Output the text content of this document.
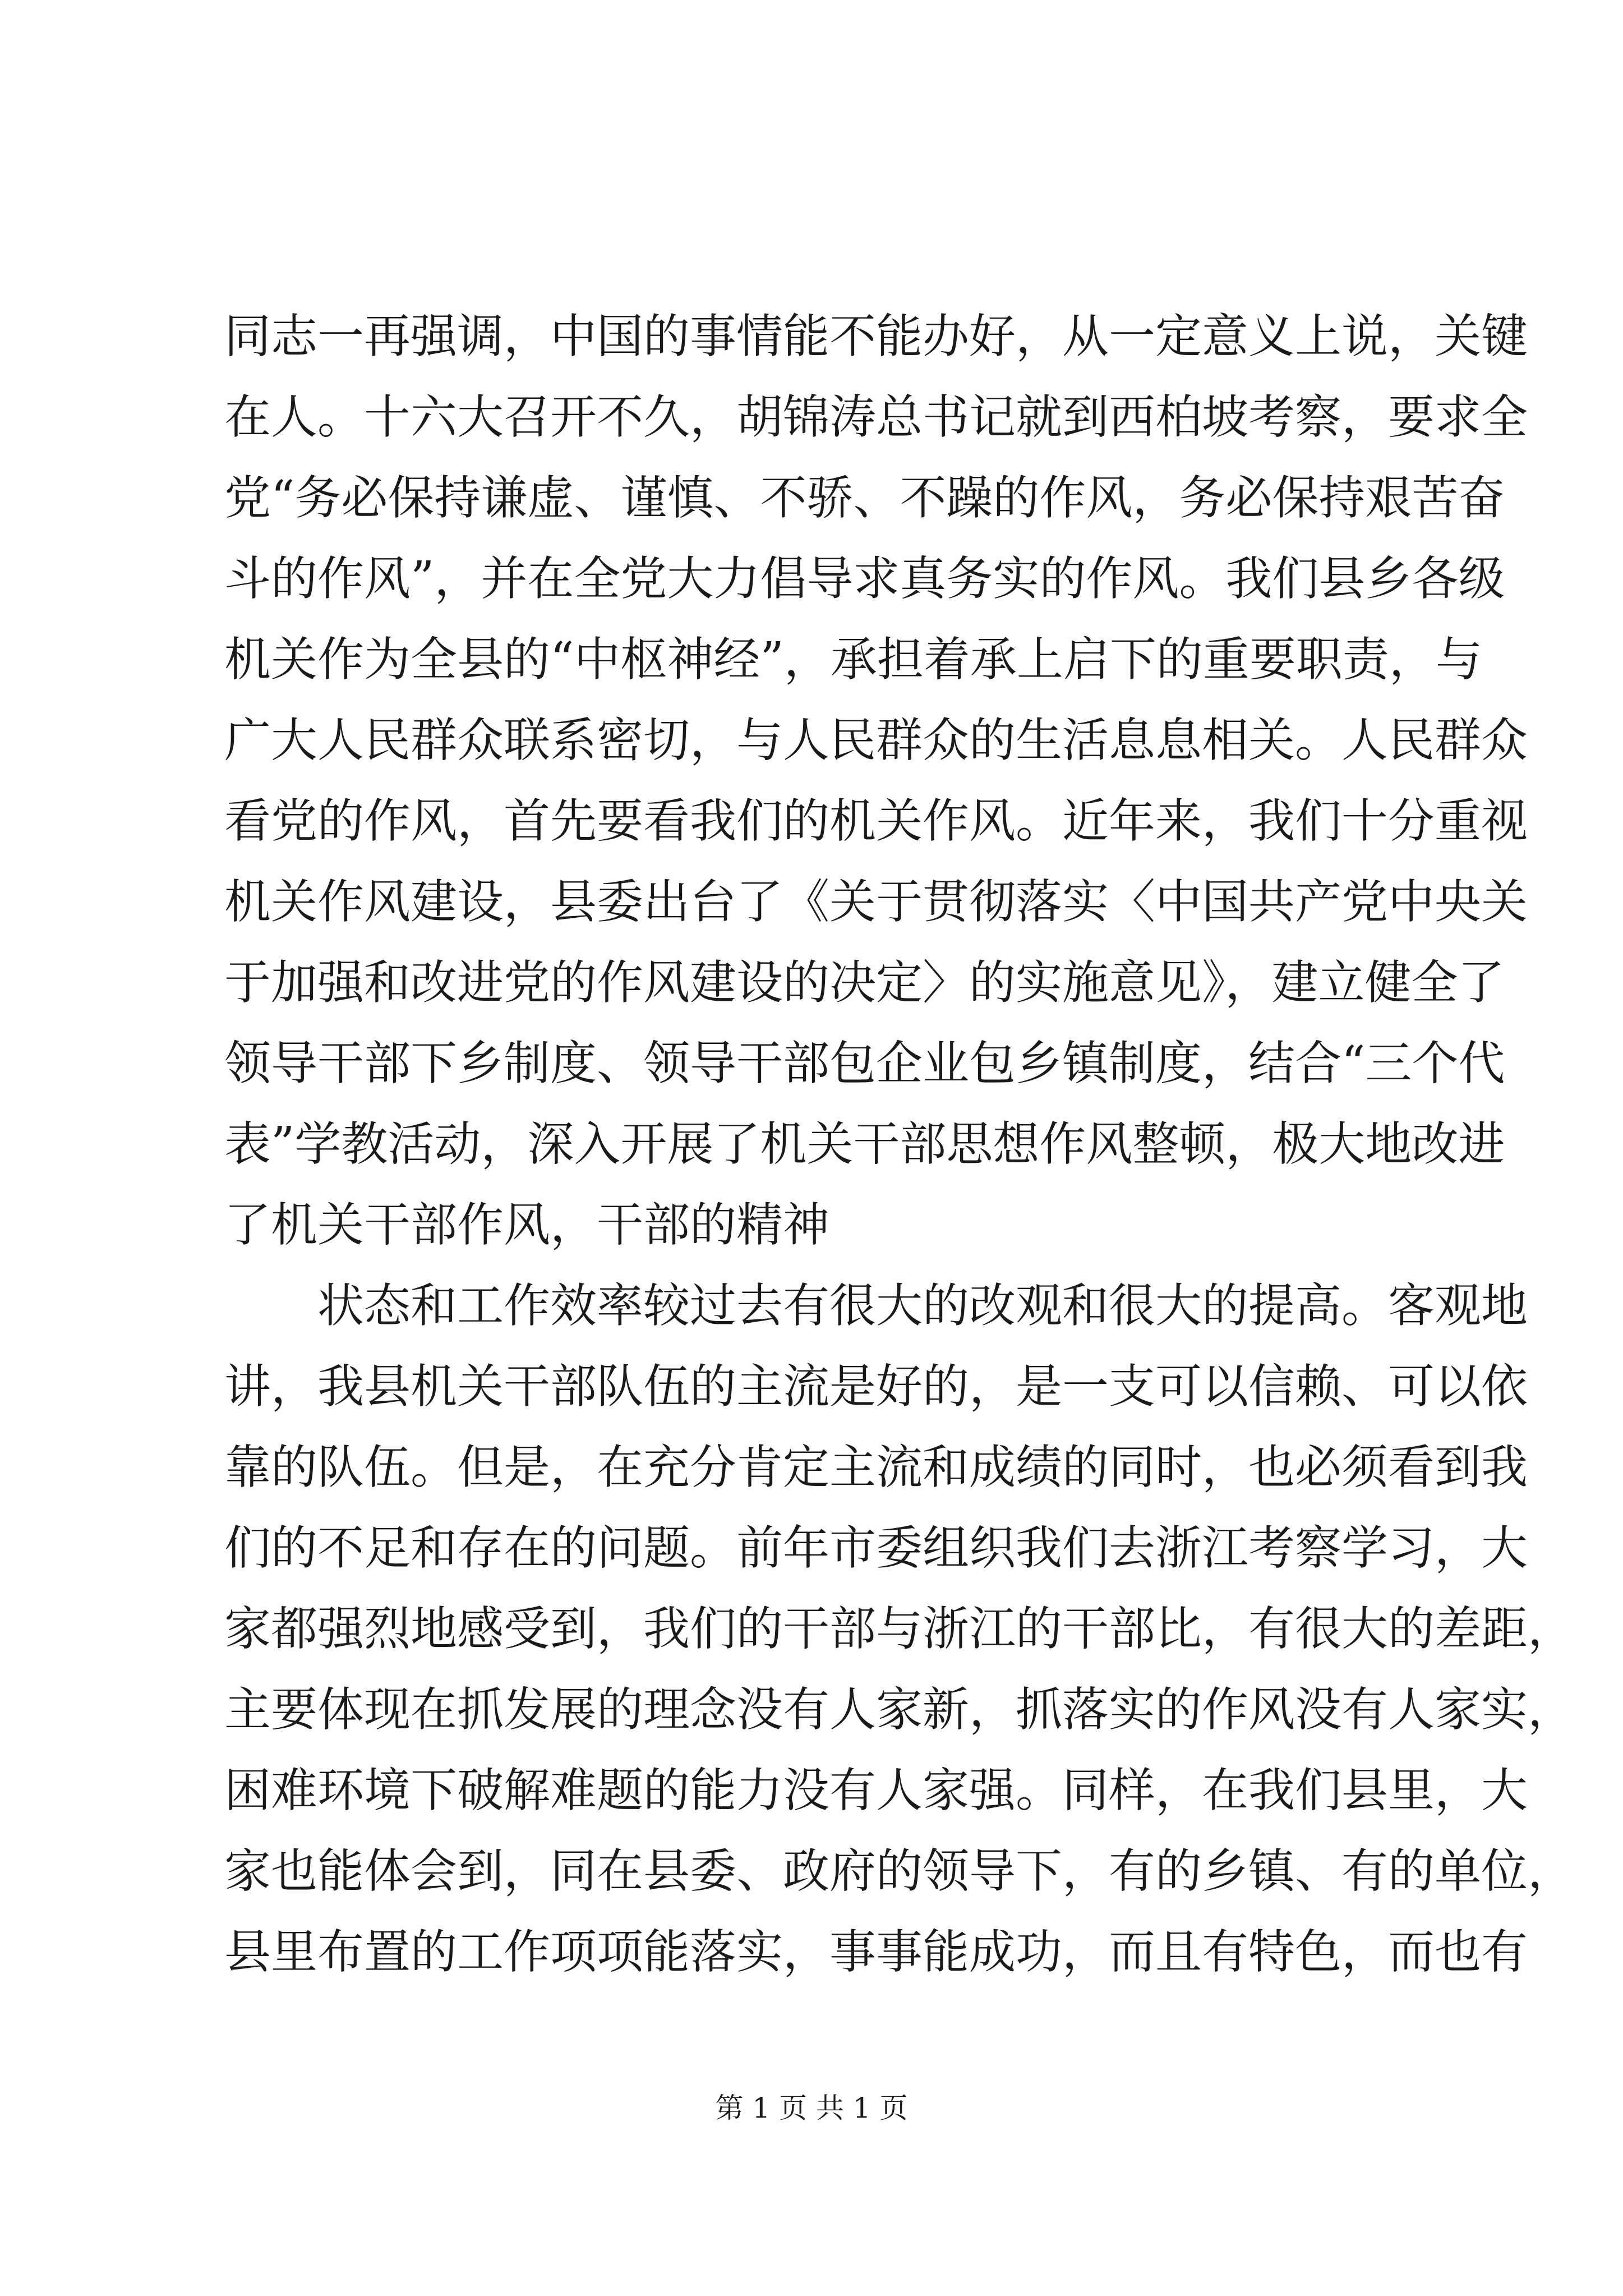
同志一再强调，中国的事情能不能办好，从一定意义上说，关键
在人。十六大召开不久，胡锦涛总书记就到西柏坡考察，要求全
党“务必保持谦虚、谨慎、不骄、不躁的作风，务必保持艰苦奋
斗的作风”，并在全党大力倡导求真务实的作风。我们县乡各级
机关作为全县的“中枢神经”，承担着承上启下的重要职责，与
广大人民群众联系密切，与人民群众的生活息息相关。人民群众
看党的作风，首先要看我们的机关作风。近年来，我们十分重视
机关作风建设，县委出台了《关于贯彻落实〈中国共产党中央关
于加强和改进党的作风建设的决定〉的实施意见》，建立健全了
领导干部下乡制度、领导干部包企业包乡镇制度，结合“三个代
表”学教活动，深入开展了机关干部思想作风整顿，极大地改进
了机关干部作风，干部的精神
状态和工作效率较过去有很大的改观和很大的提高。客观地
讲，我县机关干部队伍的主流是好的，是一支可以信赖、可以依
靠的队伍。但是，在充分肯定主流和成绩的同时，也必须看到我
们的不足和存在的问题。前年市委组织我们去浙江考察学习，大
家都强烈地感受到，我们的干部与浙江的干部比，有很大的差距，
主要体现在抓发展的理念没有人家新，抓落实的作风没有人家实，
困难环境下破解难题的能力没有人家强。同样，在我们县里，大
家也能体会到，同在县委、政府的领导下，有的乡镇、有的单位，
县里布置的工作项项能落实，事事能成功，而且有特色，而也有
第 1 页 共 1 页
